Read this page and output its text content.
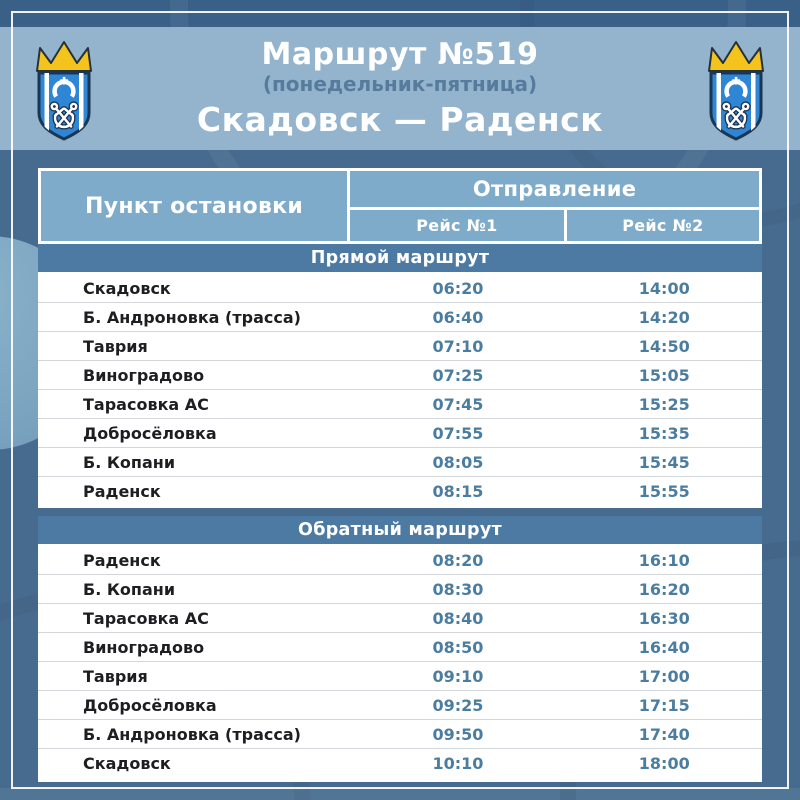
Маршрут №519
(понедельник-пятница)
Скадовск — Раденск
Пункт остановки
Отправление
Рейс №1	Рейс №2
Прямой маршрут
Скадовск	06:20	14:00
Б. Андроновка (трасса)	06:40	14:20
Таврия	07:10	14:50
Виноградово	07:25	15:05
Тарасовка АС	07:45	15:25
Добросёловка	07:55	15:35
Б. Копани	08:05	15:45
Раденск	08:15	15:55
Обратный маршрут
Раденск	08:20	16:10
Б. Копани	08:30	16:20
Тарасовка АС	08:40	16:30
Виноградово	08:50	16:40
Таврия	09:10	17:00
Добросёловка	09:25	17:15
Б. Андроновка (трасса)	09:50	17:40
Скадовск	10:10	18:00
